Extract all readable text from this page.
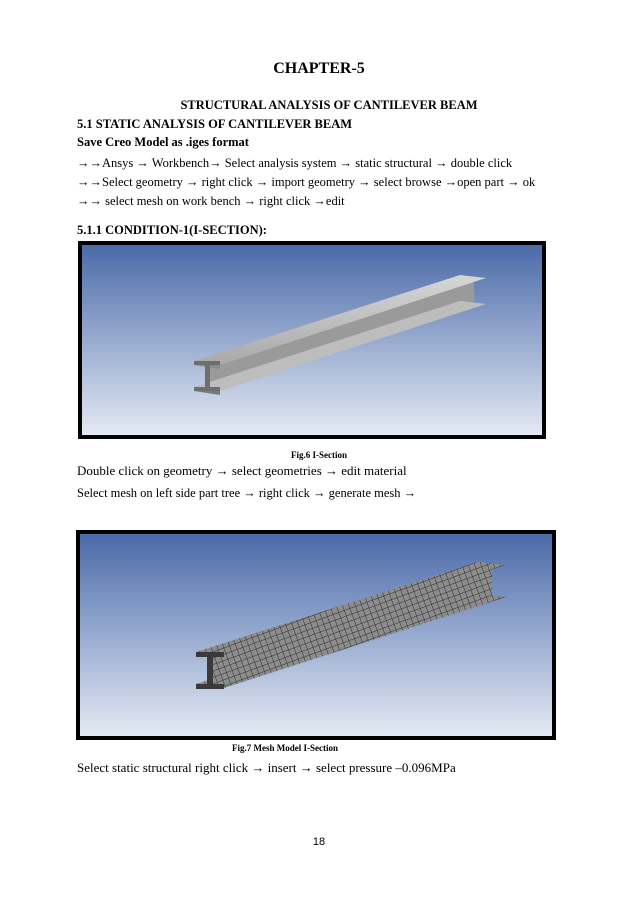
CHAPTER-5
STRUCTURAL ANALYSIS OF CANTILEVER BEAM
5.1 STATIC ANALYSIS OF CANTILEVER BEAM
Save Creo Model as .iges format
→→Ansys → Workbench→ Select analysis system → static structural → double click
→→Select geometry → right click → import geometry → select browse →open part → ok
→→ select mesh on work bench → right click →edit
5.1.1 CONDITION-1(I-SECTION):
Fig.6 I-Section
Double click on geometry → select geometries → edit material
Select mesh on left side part tree → right click → generate mesh →
Fig.7 Mesh Model I-Section
Select static structural right click → insert → select pressure –0.096MPa
18
